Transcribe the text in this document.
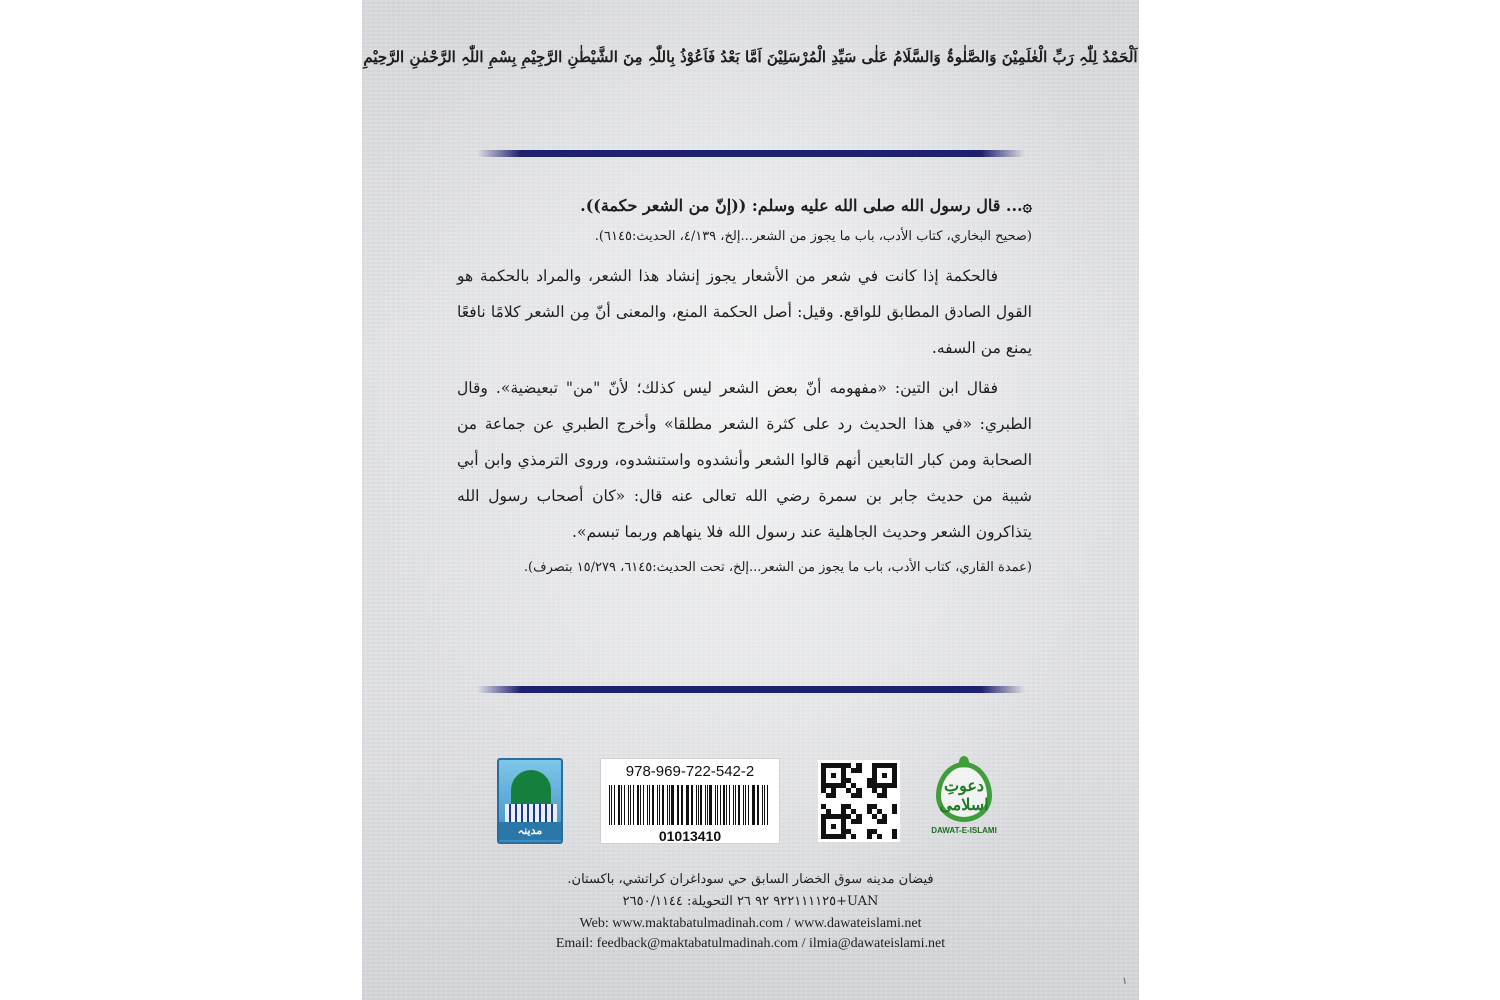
اَلْحَمْدُ لِلّٰہِ رَبِّ الْعٰلَمِیْنَ وَالصَّلٰوۃُ وَالسَّلَامُ عَلٰی سَیِّدِ الْمُرْسَلِیْنَ اَمَّا بَعْدُ فَاَعُوْذُ بِاللّٰہِ مِنَ الشَّیْطٰنِ الرَّجِیْمِ بِسْمِ اللّٰہِ الرَّحْمٰنِ الرَّحِیْمِ

۞... قال رسول الله صلى الله عليه وسلم: ((إنّ من الشعر حكمة)).

(صحيح البخاري، كتاب الأدب، باب ما يجوز من الشعر...إلخ، ٤/١٣٩، الحديث:٦١٤٥).

فالحكمة إذا كانت في شعر من الأشعار يجوز إنشاد هذا الشعر، والمراد بالحكمة هو القول الصادق المطابق للواقع. وقيل: أصل الحكمة المنع، والمعنى أنّ مِن الشعر كلامًا نافعًا يمنع من السفه.

فقال ابن التين: «مفهومه أنّ بعض الشعر ليس كذلك؛ لأنّ "من" تبعيضية». وقال الطبري: «في هذا الحديث رد على كثرة الشعر مطلقا» وأخرج الطبري عن جماعة من الصحابة ومن كبار التابعين أنهم قالوا الشعر وأنشدوه واستنشدوه، وروى الترمذي وابن أبي شيبة من حديث جابر بن سمرة رضي الله تعالى عنه قال: «كان أصحاب رسول الله يتذاكرون الشعر وحديث الجاهلية عند رسول الله فلا ينهاهم وربما تبسم».

(عمدة القاري، كتاب الأدب، باب ما يجوز من الشعر...إلخ، تحت الحديث:٦١٤٥، ١٥/٢٧٩ بتصرف).

مدینہ
978-969-722-542-2
01013410
دعوتِ اسلامی
DAWAT-E-ISLAMI
فيضان مدينه سوق الخضار السابق حي سوداغران كراتشي، باكستان.
UAN+٩٢٢١١١١٢٥ ٩٢ ٢٦ التحويلة: ٢٦٥٠/١١٤٤
Web: www.maktabatulmadinah.com / www.dawateislami.net
Email: feedback@maktabatulmadinah.com / ilmia@dawateislami.net
١
